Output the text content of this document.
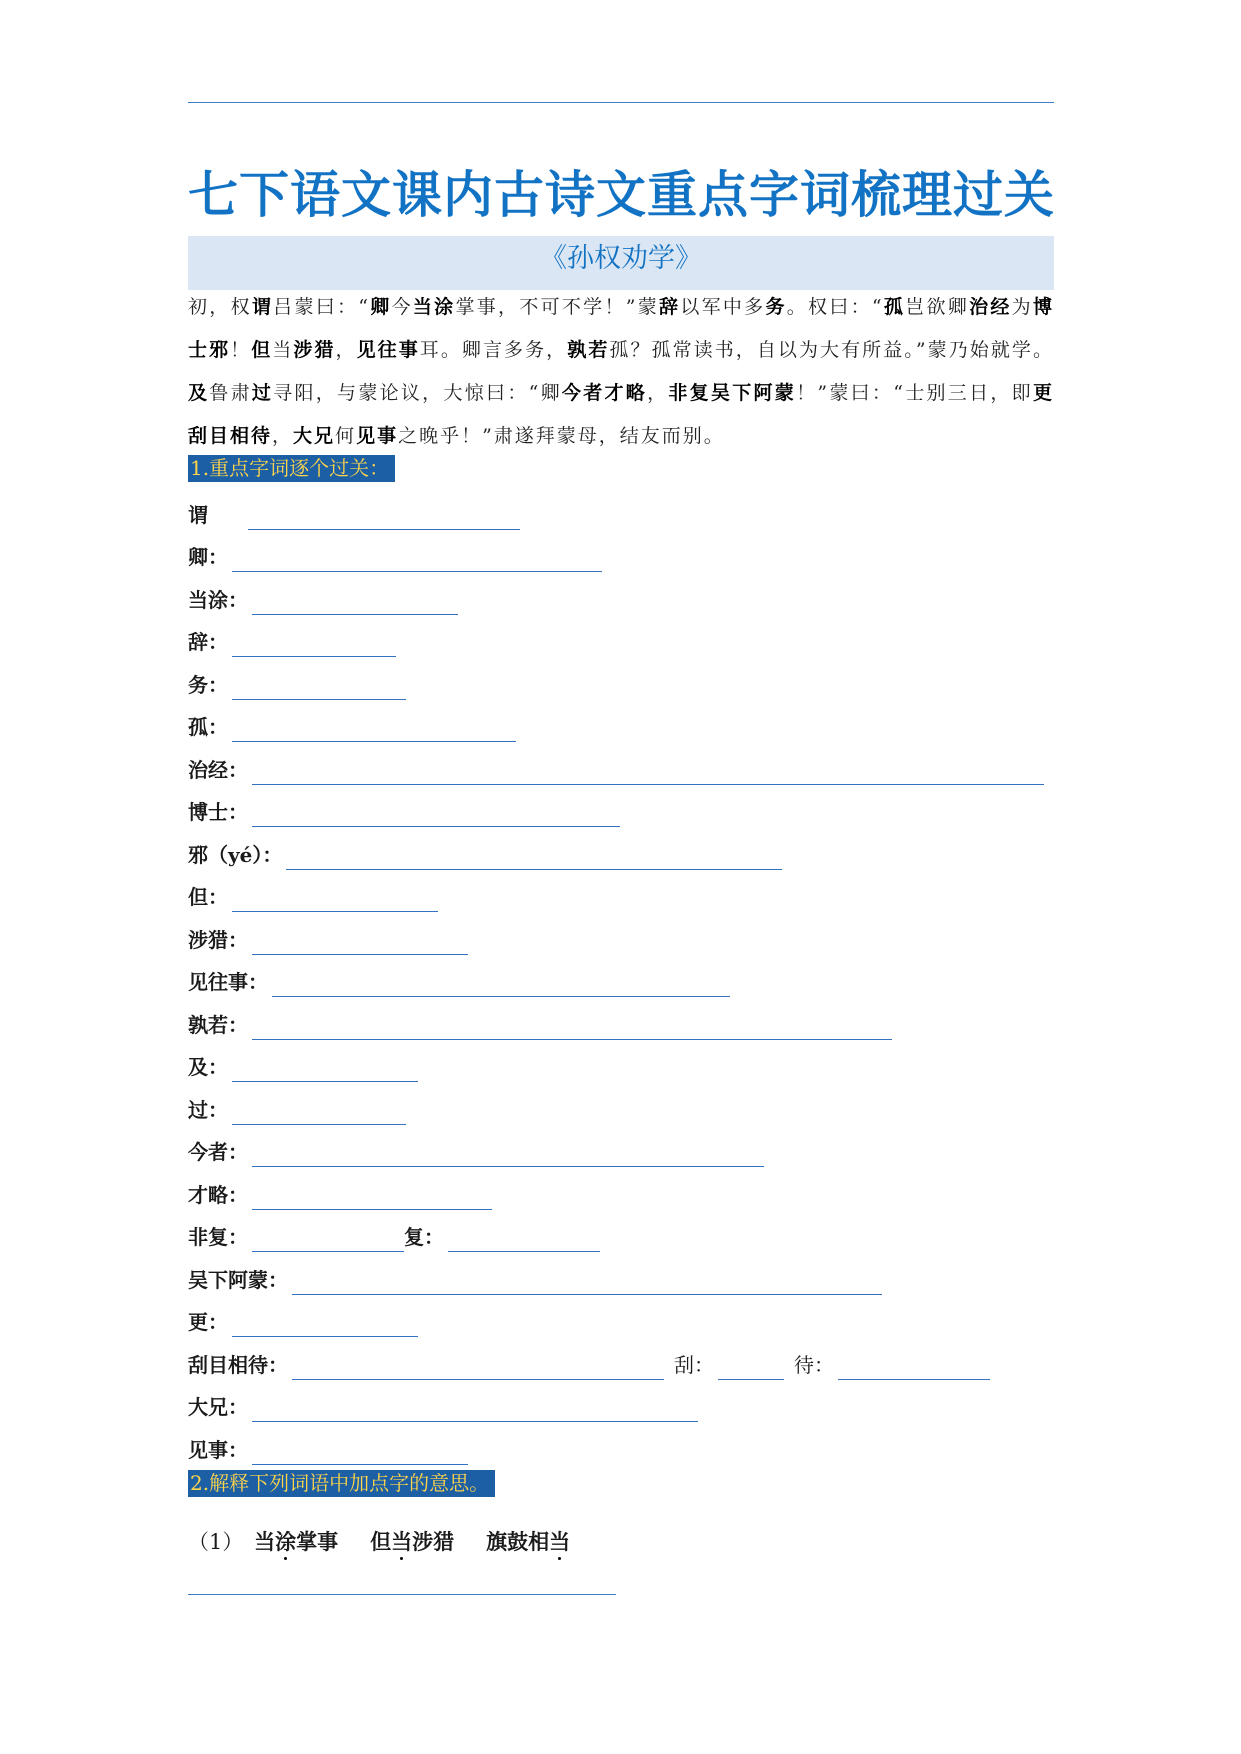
七下语文课内古诗文重点字词梳理过关
《孙权劝学》
初，权谓吕蒙曰：“卿今当涂掌事，不可不学！”蒙辞以军中多务。权曰：“孤岂欲卿治经为博士邪！但当涉猎，见往事耳。卿言多务，孰若孤？孤常读书，自以为大有所益。”蒙乃始就学。及鲁肃过寻阳，与蒙论议，大惊曰：“卿今者才略，非复吴下阿蒙！”蒙曰：“士别三日，即更刮目相待，大兄何见事之晚乎！”肃遂拜蒙母，结友而别。
1.重点字词逐个过关：
谓
卿：
当涂：
辞：
务：
孤：
治经：
博士：
邪（yé）：
但：
涉猎：
见往事：
孰若：
及：
过：
今者：
才略：
非复：	复：
吴下阿蒙：
更：
刮目相待：	刮：	待：
大兄：
见事：
2.解释下列词语中加点字的意思。
（1） 当涂掌事 但当涉猎 旗鼓相当
